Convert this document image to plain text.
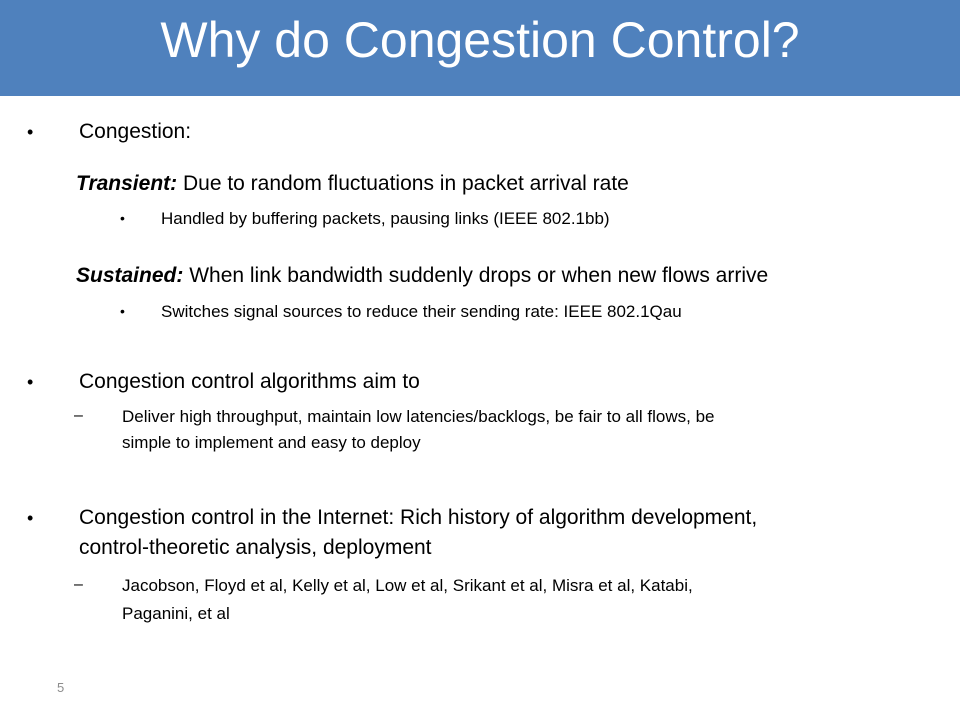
Why do Congestion Control?
• Congestion:
Transient: Due to random fluctuations in packet arrival rate
• Handled by buffering packets, pausing links (IEEE 802.1bb)
Sustained: When link bandwidth suddenly drops or when new flows arrive
• Switches signal sources to reduce their sending rate: IEEE 802.1Qau
• Congestion control algorithms aim to
– Deliver high throughput, maintain low latencies/backlogs, be fair to all flows, be
simple to implement and easy to deploy
• Congestion control in the Internet: Rich history of algorithm development,
control-theoretic analysis, deployment
– Jacobson, Floyd et al, Kelly et al, Low et al, Srikant et al, Misra et al, Katabi,
Paganini, et al
5
